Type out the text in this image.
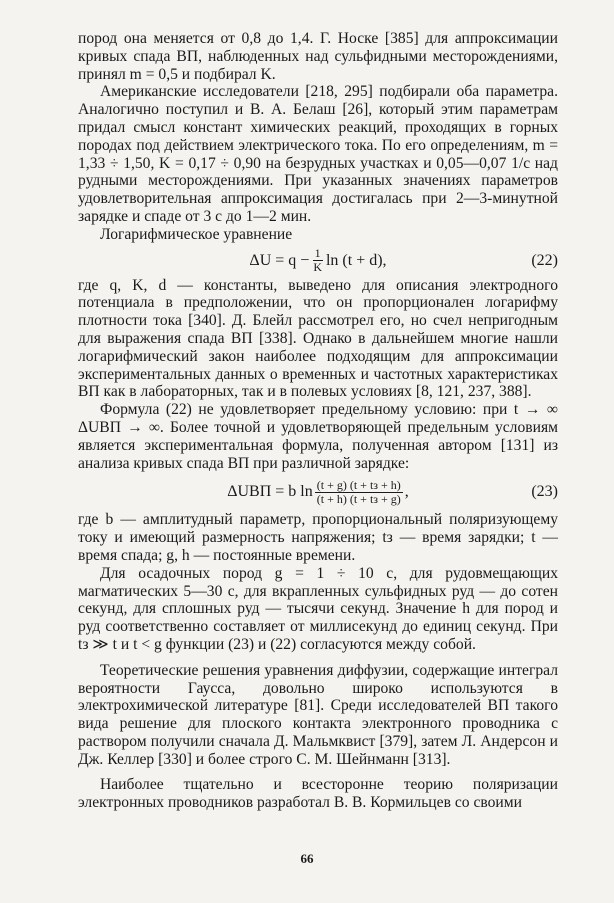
пород она меняется от 0,8 до 1,4. Г. Носке [385] для аппроксимации кривых спада ВП, наблюденных над сульфидными месторождениями, принял m = 0,5 и подбирал K.

Американские исследователи [218, 295] подбирали оба параметра. Аналогично поступил и В. А. Белаш [26], который этим параметрам придал смысл констант химических реакций, проходящих в горных породах под действием электрического тока. По его определениям, m = 1,33 ÷ 1,50, K = 0,17 ÷ 0,90 на безрудных участках и 0,05—0,07 1/с над рудными месторождениями. При указанных значениях параметров удовлетворительная аппроксимация достигалась при 2—3-минутной зарядке и спаде от 3 с до 1—2 мин.

Логарифмическое уравнение

$\Delta U = q - \frac{1}{K}$ ln (t + d),	(22)

где q, K, d — константы, выведено для описания электродного потенциала в предположении, что он пропорционален логарифму плотности тока [340]. Д. Блейл рассмотрел его, но счел непригодным для выражения спада ВП [338]. Однако в дальнейшем многие нашли логарифмический закон наиболее подходящим для аппроксимации экспериментальных данных о временных и частотных характеристиках ВП как в лабораторных, так и в полевых условиях [8, 121, 237, 388].

Формула (22) не удовлетворяет предельному условию: при t → ∞ ΔUВП → ∞. Более точной и удовлетворяющей предельным условиям является экспериментальная формула, полученная автором [131] из анализа кривых спада ВП при различной зарядке:

ΔUВП = b $\ln \frac{(t + g) (t + tз + h)}{(t + h) (t + tз + g)}$ ,	(23)

где b — амплитудный параметр, пропорциональный поляризующему току и имеющий размерность напряжения; tз — время зарядки; t — время спада; g, h — постоянные времени.

Для осадочных пород g = 1 ÷ 10 с, для рудовмещающих магматических 5—30 с, для вкрапленных сульфидных руд — до сотен секунд, для сплошных руд — тысячи секунд. Значение h для пород и руд соответственно составляет от миллисекунд до единиц секунд. При tз ≫ t и t < g функции (23) и (22) согласуются между собой.

Теоретические решения уравнения диффузии, содержащие интеграл вероятности Гаусса, довольно широко используются в электрохимической литературе [81]. Среди исследователей ВП такого вида решение для плоского контакта электронного проводника с раствором получили сначала Д. Мальмквист [379], затем Л. Андерсон и Дж. Келлер [330] и более строго С. М. Шейнманн [313].

Наиболее тщательно и всесторонне теорию поляризации электронных проводников разработал В. В. Кормильцев со своими

66
